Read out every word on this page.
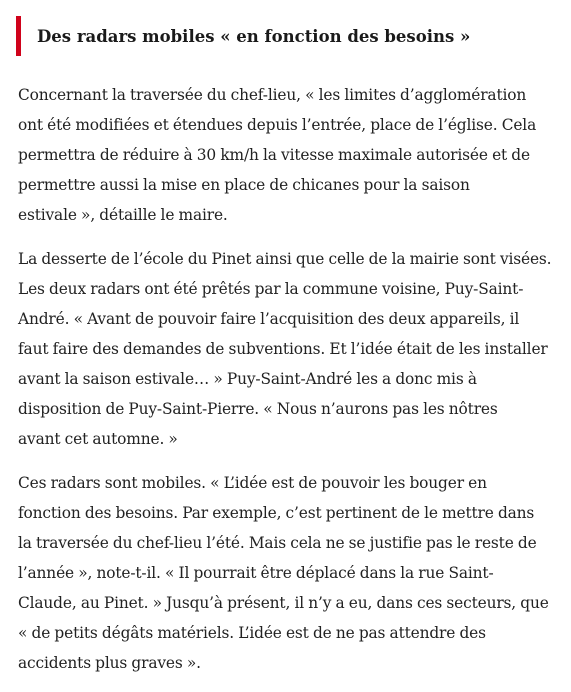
Des radars mobiles « en fonction des besoins »

Concernant la traversée du chef-lieu, « les limites d’agglomération
ont été modifiées et étendues depuis l’entrée, place de l’église. Cela
permettra de réduire à 30 km/h la vitesse maximale autorisée et de
permettre aussi la mise en place de chicanes pour la saison
estivale », détaille le maire.

La desserte de l’école du Pinet ainsi que celle de la mairie sont visées.
Les deux radars ont été prêtés par la commune voisine, Puy-Saint-
André. « Avant de pouvoir faire l’acquisition des deux appareils, il
faut faire des demandes de subventions. Et l’idée était de les installer
avant la saison estivale… » Puy-Saint-André les a donc mis à
disposition de Puy-Saint-Pierre. « Nous n’aurons pas les nôtres
avant cet automne. »

Ces radars sont mobiles. « L’idée est de pouvoir les bouger en
fonction des besoins. Par exemple, c’est pertinent de le mettre dans
la traversée du chef-lieu l’été. Mais cela ne se justifie pas le reste de
l’année », note-t-il. « Il pourrait être déplacé dans la rue Saint-
Claude, au Pinet. » Jusqu’à présent, il n’y a eu, dans ces secteurs, que
« de petits dégâts matériels. L’idée est de ne pas attendre des
accidents plus graves ».
